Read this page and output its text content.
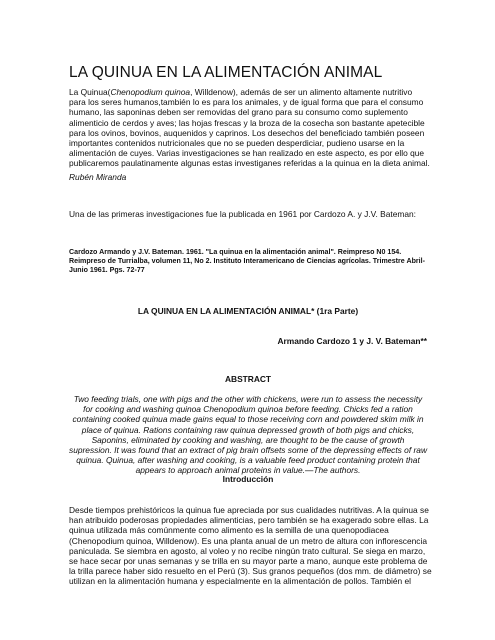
LA QUINUA EN LA ALIMENTACIÓN ANIMAL
La Quinua(Chenopodium quinoa, Willdenow), además de ser un alimento altamente nutritivo para los seres humanos,también lo es para los animales, y de igual forma que para el consumo humano, las saponinas deben ser removidas del grano para su consumo como suplemento alimenticio de cerdos y aves; las hojas frescas y la broza de la cosecha son bastante apetecible para los ovinos, bovinos, auquenidos y caprinos. Los desechos del beneficiado también poseen importantes contenidos nutricionales que no se pueden desperdiciar, pudieno usarse en la alimentación de cuyes. Varias investigaciones se han realizado en este aspecto, es por ello que publicaremos paulatinamente algunas estas investiganes referidas a la quinua en la dieta animal.
Rubén Miranda
Una de las primeras investigaciones fue la publicada en 1961 por Cardozo A. y J.V. Bateman:
Cardozo Armando y J.V. Bateman. 1961. "La quinua en la alimentación animal". Reimpreso N0 154. Reimpreso de Turrialba, volumen 11, No 2. Instituto Interamericano de Ciencias agrícolas. Trimestre Abril-Junio 1961. Pgs. 72-77
LA QUINUA EN LA ALIMENTACIÓN ANIMAL* (1ra Parte)
Armando Cardozo 1 y J. V. Bateman**
ABSTRACT
Two feeding trials, one with pigs and the other with chickens, were run to assess the necessity for cooking and washing quinoa Chenopodium quinoa before feeding. Chicks fed a ration containing cooked quinua made gains equal to those receiving corn and powdered skim milk in place of quinua. Rations containing raw quinua depressed growth of both pigs and chicks, Saponins, eliminated by cooking and washing, are thought to be the cause of growth supression. It was found that an extract of pig brain offsets some of the depressing effects of raw quinua. Quinua, after washing and cooking, is a valuable feed product containing protein that appears to approach animal proteins in value.—The authors.
Introducción
Desde tiempos prehistóricos la quinua fue apreciada por sus cualidades nutritivas. A la quinua se han atribuido poderosas propiedades alimenticias, pero también se ha exagerado sobre ellas. La quinua utilizada más comúnmente como alimento es la semilla de una quenopodiacea (Chenopodium quinoa, Willdenow). Es una planta anual de un metro de altura con inflorescencia paniculada. Se siembra en agosto, al voleo y no recibe ningún trato cultural. Se siega en marzo, se hace secar por unas semanas y se trilla en su mayor parte a mano, aunque este problema de la trilla parece haber sido resuelto en el Perú (3). Sus granos pequeños (dos mm. de diámetro) se utilizan en la alimentación humana y especialmente en la alimentación de pollos. También el
